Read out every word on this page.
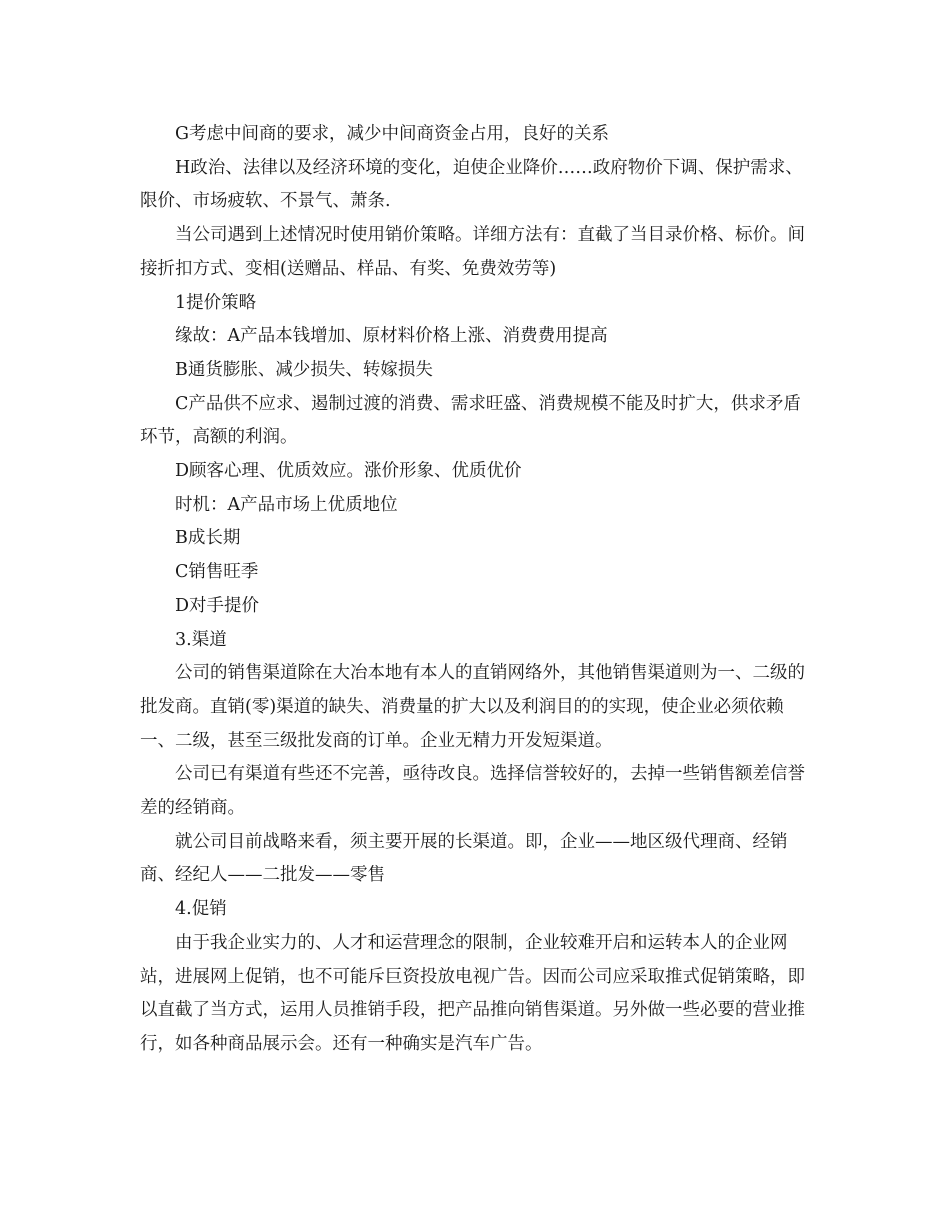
G考虑中间商的要求，减少中间商资金占用，良好的关系

H政治、法律以及经济环境的变化，迫使企业降价……政府物价下调、保护需求、限价、市场疲软、不景气、萧条.

当公司遇到上述情况时使用销价策略。详细方法有：直截了当目录价格、标价。间接折扣方式、变相(送赠品、样品、有奖、免费效劳等)

1提价策略

缘故：A产品本钱增加、原材料价格上涨、消费费用提高

B通货膨胀、减少损失、转嫁损失

C产品供不应求、遏制过渡的消费、需求旺盛、消费规模不能及时扩大，供求矛盾环节，高额的利润。

D顾客心理、优质效应。涨价形象、优质优价

时机：A产品市场上优质地位

B成长期

C销售旺季

D对手提价

3.渠道

公司的销售渠道除在大冶本地有本人的直销网络外，其他销售渠道则为一、二级的批发商。直销(零)渠道的缺失、消费量的扩大以及利润目的的实现，使企业必须依赖一、二级，甚至三级批发商的订单。企业无精力开发短渠道。

公司已有渠道有些还不完善，亟待改良。选择信誉较好的，去掉一些销售额差信誉差的经销商。

就公司目前战略来看，须主要开展的长渠道。即，企业——地区级代理商、经销商、经纪人——二批发——零售

4.促销

由于我企业实力的、人才和运营理念的限制，企业较难开启和运转本人的企业网站，进展网上促销，也不可能斥巨资投放电视广告。因而公司应采取推式促销策略，即以直截了当方式，运用人员推销手段，把产品推向销售渠道。另外做一些必要的营业推行，如各种商品展示会。还有一种确实是汽车广告。
